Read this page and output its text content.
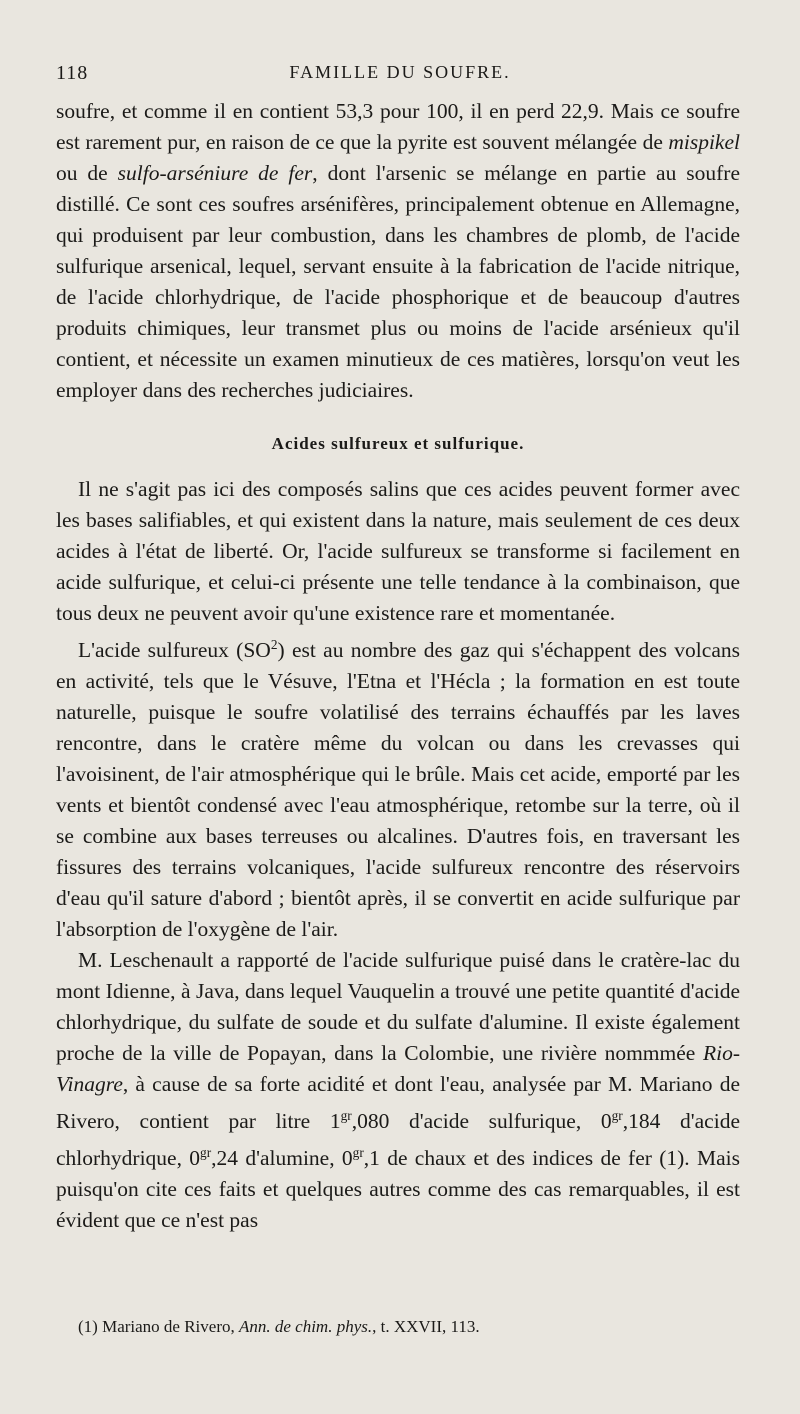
118	FAMILLE DU SOUFRE.

soufre, et comme il en contient 53,3 pour 100, il en perd 22,9. Mais ce soufre est rarement pur, en raison de ce que la pyrite est souvent mélangée de mispikel ou de sulfo-arséniure de fer, dont l'arsenic se mélange en partie au soufre distillé. Ce sont ces soufres arsénifères, principalement obtenue en Allemagne, qui produisent par leur combustion, dans les chambres de plomb, de l'acide sulfurique arsenical, lequel, servant ensuite à la fabrication de l'acide nitrique, de l'acide chlorhydrique, de l'acide phosphorique et de beaucoup d'autres produits chimiques, leur transmet plus ou moins de l'acide arsénieux qu'il contient, et nécessite un examen minutieux de ces matières, lorsqu'on veut les employer dans des recherches judiciaires.

Acides sulfureux et sulfurique.

Il ne s'agit pas ici des composés salins que ces acides peuvent former avec les bases salifiables, et qui existent dans la nature, mais seulement de ces deux acides à l'état de liberté. Or, l'acide sulfureux se transforme si facilement en acide sulfurique, et celui-ci présente une telle tendance à la combinaison, que tous deux ne peuvent avoir qu'une existence rare et momentanée.

L'acide sulfureux $(SO^2)$ est au nombre des gaz qui s'échappent des volcans en activité, tels que le Vésuve, l'Etna et l'Hécla ; la formation en est toute naturelle, puisque le soufre volatilisé des terrains échauffés par les laves rencontre, dans le cratère même du volcan ou dans les crevasses qui l'avoisinent, de l'air atmosphérique qui le brûle. Mais cet acide, emporté par les vents et bientôt condensé avec l'eau atmosphérique, retombe sur la terre, où il se combine aux bases terreuses ou alcalines. D'autres fois, en traversant les fissures des terrains volcaniques, l'acide sulfureux rencontre des réservoirs d'eau qu'il sature d'abord ; bientôt après, il se convertit en acide sulfurique par l'absorption de l'oxygène de l'air.

M. Leschenault a rapporté de l'acide sulfurique puisé dans le cratère-lac du mont Idienne, à Java, dans lequel Vauquelin a trouvé une petite quantité d'acide chlorhydrique, du sulfate de soude et du sulfate d'alumine. Il existe également proche de la ville de Popayan, dans la Colombie, une rivière nommmée Rio-Vinagre, à cause de sa forte acidité et dont l'eau, analysée par M. Mariano de Rivero, contient par litre $1^{gr},080$ d'acide sulfurique, $0^{gr},184$ d'acide chlorhydrique, $0^{gr},24$ d'alumine, $0^{gr},1$ de chaux et des indices de fer (1). Mais puisqu'on cite ces faits et quelques autres comme des cas remarquables, il est évident que ce n'est pas

(1) Mariano de Rivero, Ann. de chim. phys., t. XXVII, 113.
